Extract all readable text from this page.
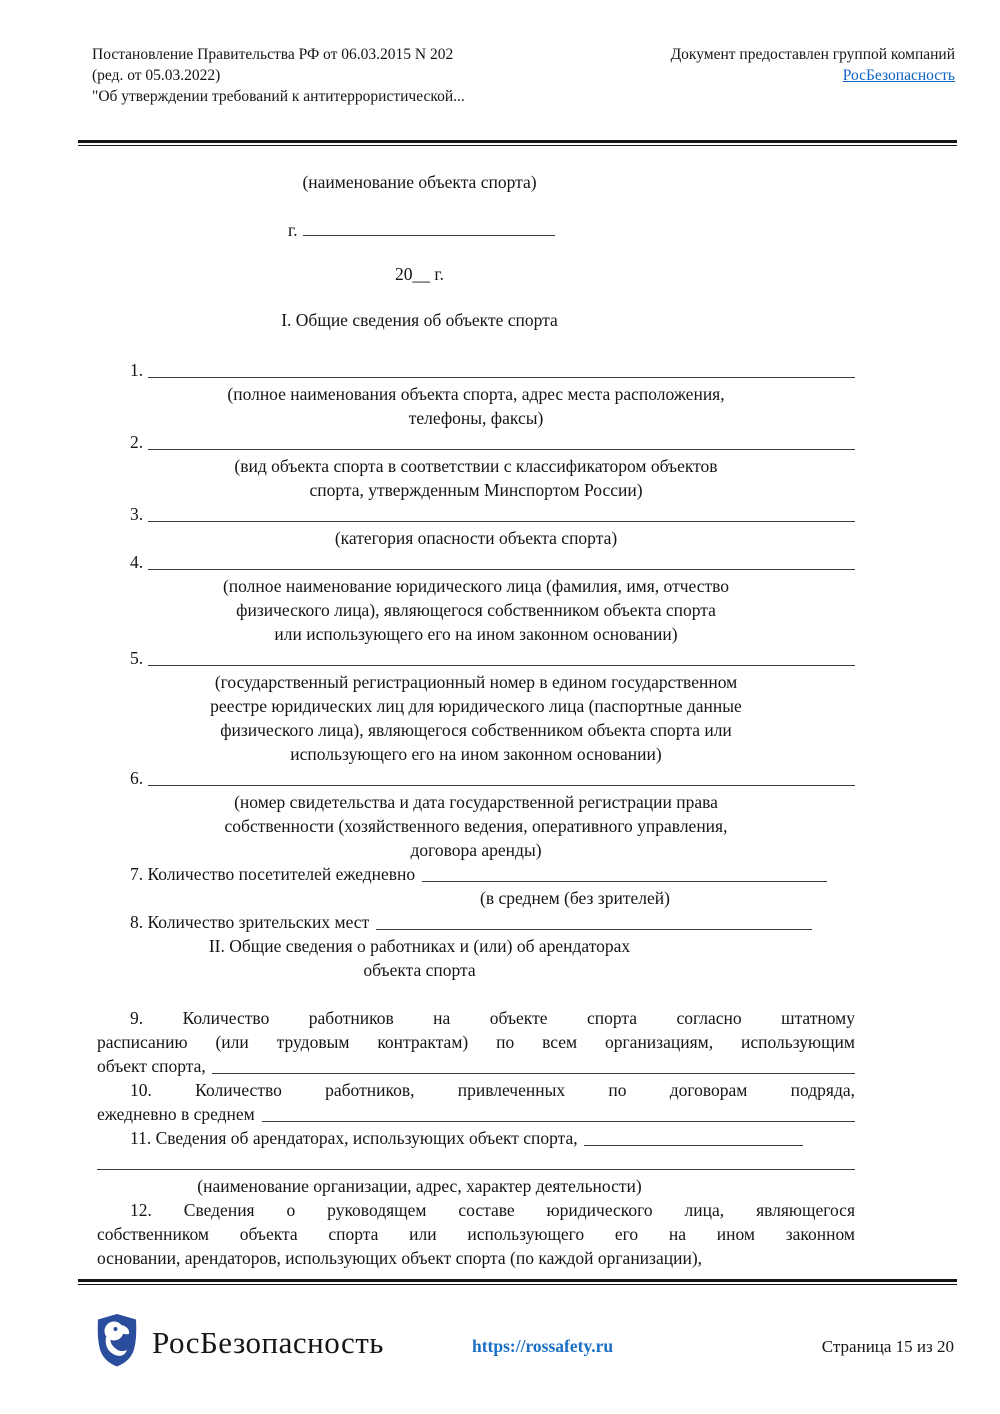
Постановление Правительства РФ от 06.03.2015 N 202
(ред. от 05.03.2022)
"Об утверждении требований к антитеррористической...
Документ предоставлен группой компаний
РосБезопасность
(наименование объекта спорта)
г.
20__ г.
I. Общие сведения об объекте спорта
1.
(полное наименования объекта спорта, адрес места расположения,
телефоны, факсы)
2.
(вид объекта спорта в соответствии с классификатором объектов
спорта, утвержденным Минспортом России)
3.
(категория опасности объекта спорта)
4.
(полное наименование юридического лица (фамилия, имя, отчество
физического лица), являющегося собственником объекта спорта
или использующего его на ином законном основании)
5.
(государственный регистрационный номер в едином государственном
реестре юридических лиц для юридического лица (паспортные данные
физического лица), являющегося собственником объекта спорта или
использующего его на ином законном основании)
6.
(номер свидетельства и дата государственной регистрации права
собственности (хозяйственного ведения, оперативного управления,
договора аренды)
7. Количество посетителей ежедневно
(в среднем (без зрителей)
8. Количество зрительских мест
II. Общие сведения о работниках и (или) об арендаторах
объекта спорта
9. Количество работников на объекте спорта согласно штатному
расписанию (или трудовым контрактам) по всем организациям, использующим
объект спорта,
10. Количество работников, привлеченных по договорам подряда,
ежедневно в среднем
11. Сведения об арендаторах, использующих объект спорта,
(наименование организации, адрес, характер деятельности)
12. Сведения о руководящем составе юридического лица, являющегося
собственником объекта спорта или использующего его на ином законном
основании, арендаторов, использующих объект спорта (по каждой организации),
РосБезопасность	https://rossafety.ru	Страница 15 из 20
